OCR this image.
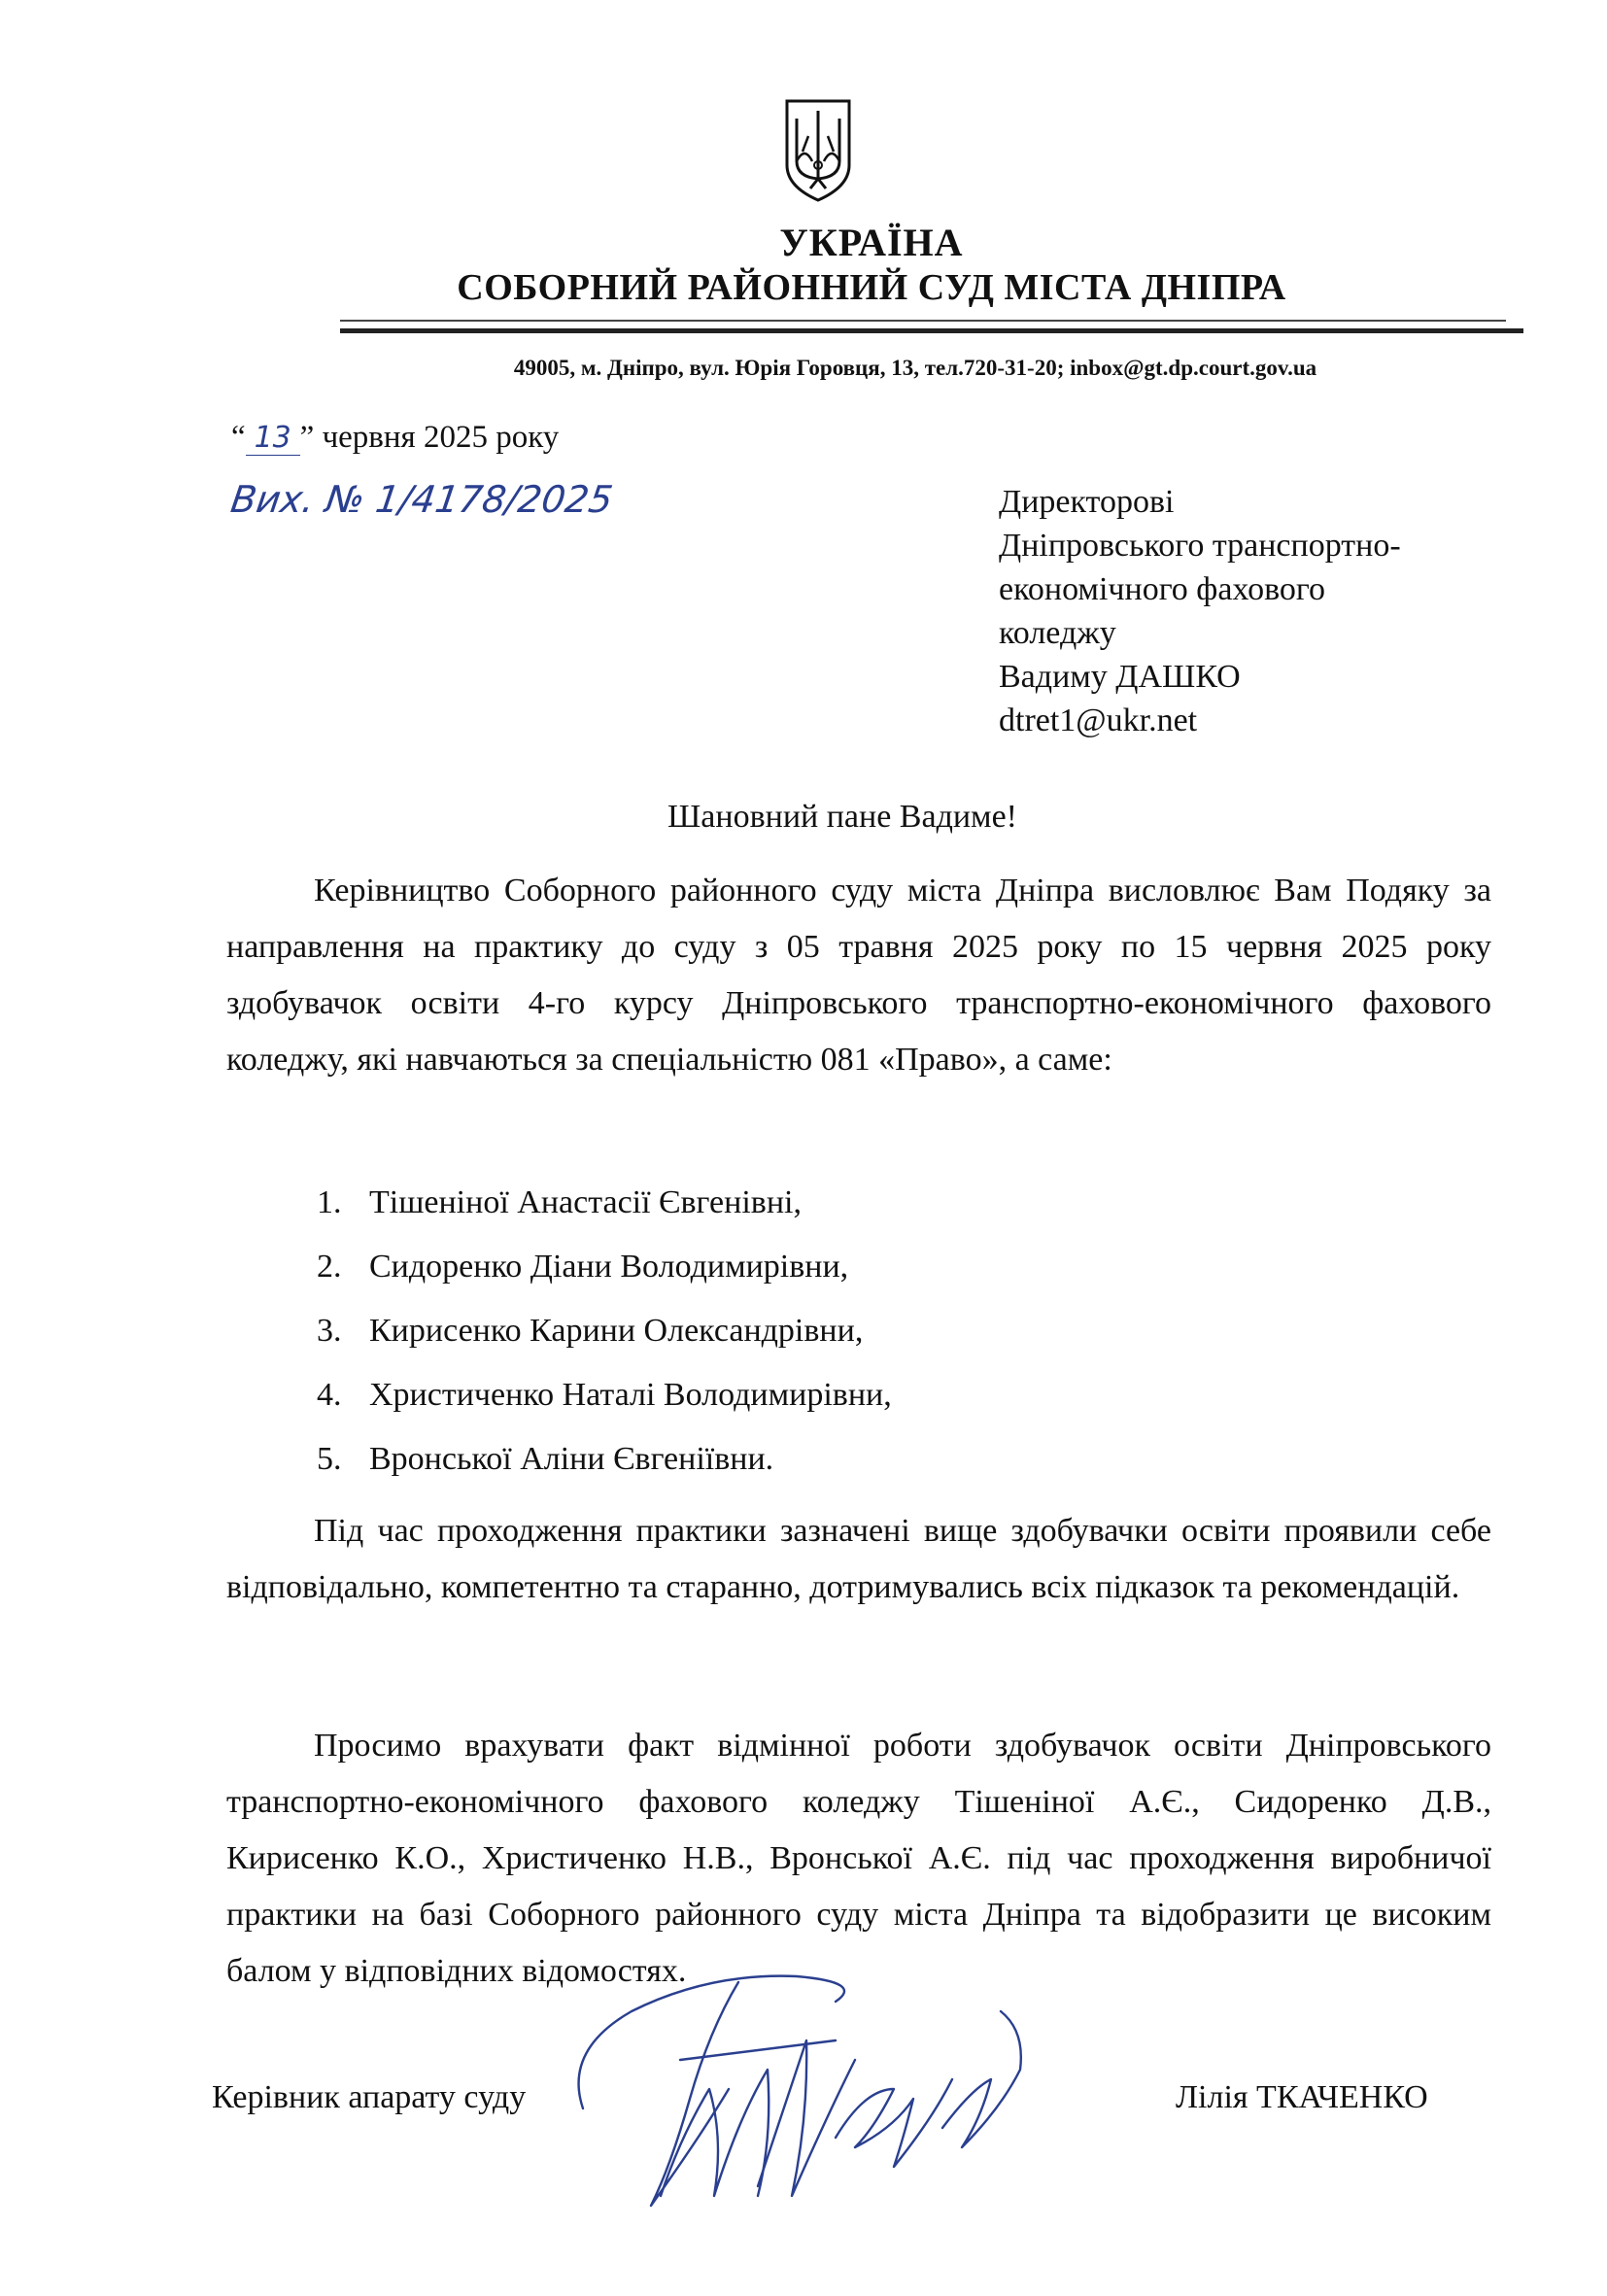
УКРАЇНА
СОБОРНИЙ РАЙОННИЙ СУД МІСТА ДНІПРА
49005, м. Дніпро, вул. Юрія Горовця, 13, тел.720-31-20; inbox@gt.dp.court.gov.ua
“ 13 ” червня 2025 року
Вих. № 1/4178/2025	Директорові
Дніпровського транспортно-
економічного фахового
коледжу
Вадиму ДАШКО
dtret1@ukr.net
Шановний пане Вадиме!
Керівництво Соборного районного суду міста Дніпра висловлює Вам Подяку за направлення на практику до суду з 05 травня 2025 року по 15 червня 2025 року здобувачок освіти 4-го курсу Дніпровського транспортно-економічного фахового коледжу, які навчаються за спеціальністю 081 «Право», а саме:
1. Тішеніної Анастасії Євгенівні,
2. Сидоренко Діани Володимирівни,
3. Кирисенко Карини Олександрівни,
4. Христиченко Наталі Володимирівни,
5. Вронської Аліни Євгеніївни.
Під час проходження практики зазначені вище здобувачки освіти проявили себе відповідально, компетентно та старанно, дотримувались всіх підказок та рекомендацій.
Просимо врахувати факт відмінної роботи здобувачок освіти Дніпровського транспортно-економічного фахового коледжу Тішеніної А.Є., Сидоренко Д.В., Кирисенко К.О., Христиченко Н.В., Вронської А.Є. під час проходження виробничої практики на базі Соборного районного суду міста Дніпра та відобразити це високим балом у відповідних відомостях.
Керівник апарату суду	Лілія ТКАЧЕНКО
